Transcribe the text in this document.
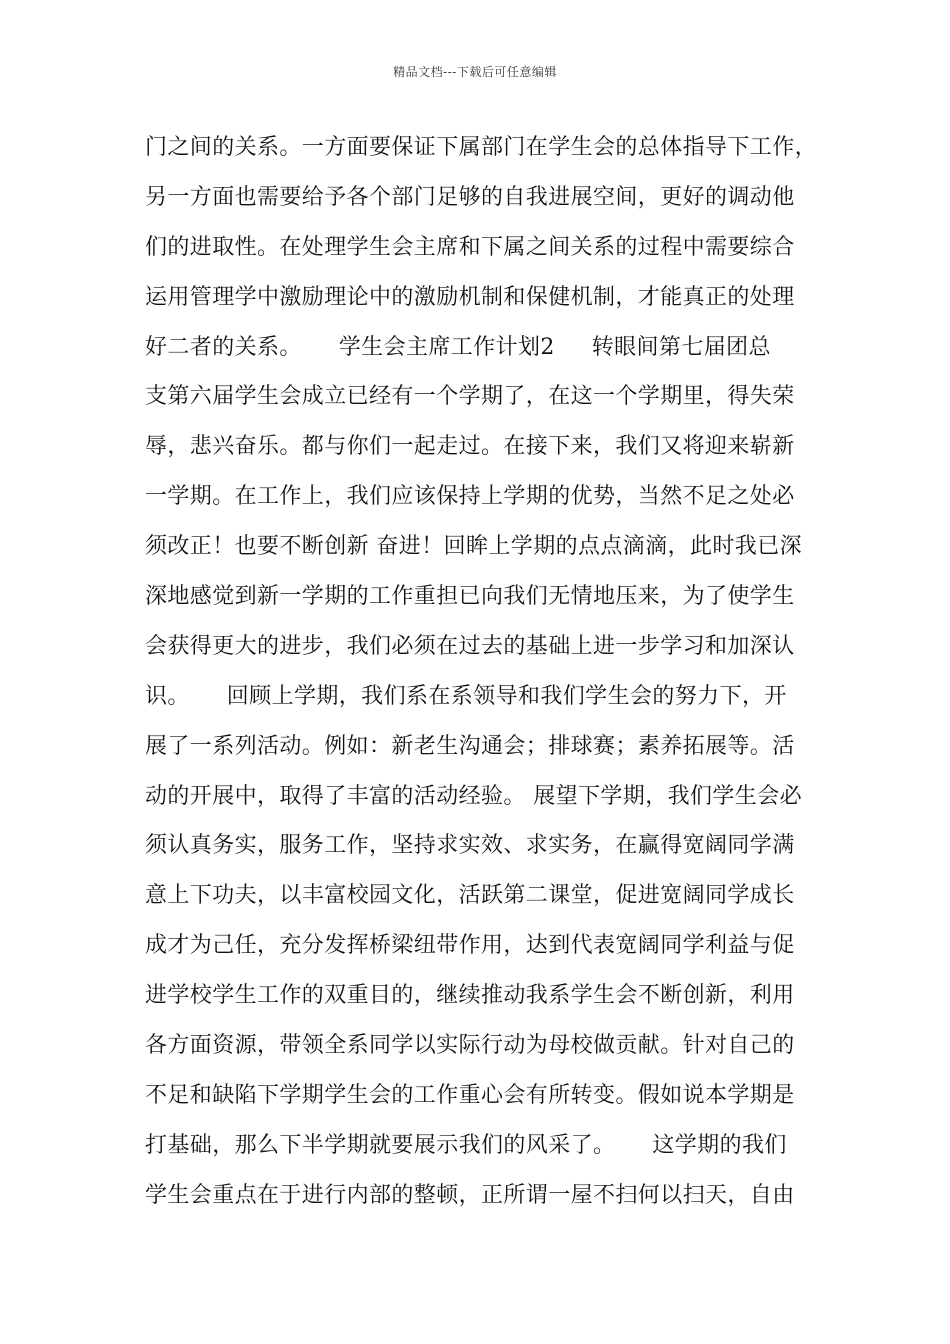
精品文档---下载后可任意编辑
门之间的关系。一方面要保证下属部门在学生会的总体指导下工作，
另一方面也需要给予各个部门足够的自我进展空间，更好的调动他
们的进取性。在处理学生会主席和下属之间关系的过程中需要综合
运用管理学中激励理论中的激励机制和保健机制，才能真正的处理
好二者的关系。     学生会主席工作计划2     转眼间第七届团总
支第六届学生会成立已经有一个学期了，在这一个学期里，得失荣
辱，悲兴奋乐。都与你们一起走过。在接下来，我们又将迎来崭新
一学期。在工作上，我们应该保持上学期的优势，当然不足之处必
须改正！也要不断创新 奋进！回眸上学期的点点滴滴，此时我已深
深地感觉到新一学期的工作重担已向我们无情地压来，为了使学生
会获得更大的进步，我们必须在过去的基础上进一步学习和加深认
识。     回顾上学期，我们系在系领导和我们学生会的努力下，开
展了一系列活动。例如：新老生沟通会；排球赛；素养拓展等。活
动的开展中，取得了丰富的活动经验。 展望下学期，我们学生会必
须认真务实，服务工作，坚持求实效、求实务，在赢得宽阔同学满
意上下功夫，以丰富校园文化，活跃第二课堂，促进宽阔同学成长
成才为己任，充分发挥桥梁纽带作用，达到代表宽阔同学利益与促
进学校学生工作的双重目的，继续推动我系学生会不断创新，利用
各方面资源，带领全系同学以实际行动为母校做贡献。针对自己的
不足和缺陷下学期学生会的工作重心会有所转变。假如说本学期是
打基础，那么下半学期就要展示我们的风采了。     这学期的我们
学生会重点在于进行内部的整顿，正所谓一屋不扫何以扫天，自由
